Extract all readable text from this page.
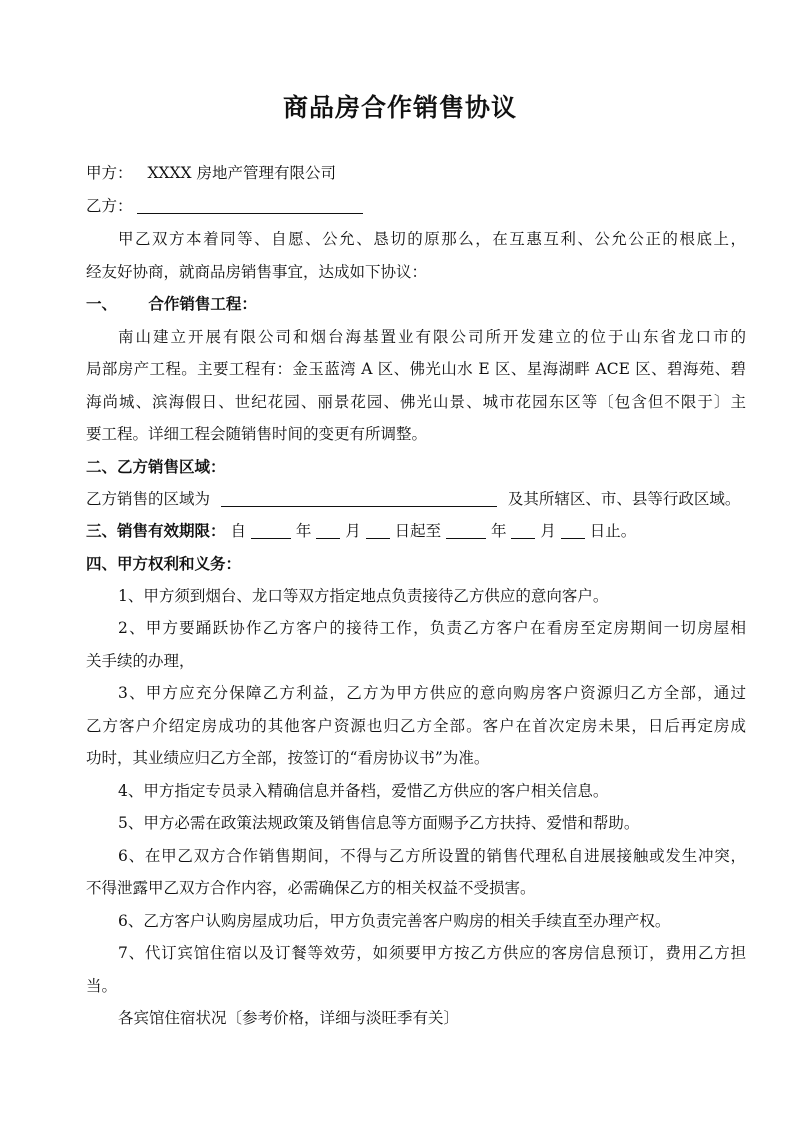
商品房合作销售协议
甲方： XXXX 房地产管理有限公司
乙方：
甲乙双方本着同等、自愿、公允、恳切的原那么，在互惠互利、公允公正的根底上，
经友好协商，就商品房销售事宜，达成如下协议：
一、 合作销售工程：
南山建立开展有限公司和烟台海基置业有限公司所开发建立的位于山东省龙口市的
局部房产工程。主要工程有：金玉蓝湾 A 区、佛光山水 E 区、星海湖畔 ACE 区、碧海苑、碧
海尚城、滨海假日、世纪花园、丽景花园、佛光山景、城市花园东区等〔包含但不限于〕主
要工程。详细工程会随销售时间的变更有所调整。
二、乙方销售区域：
乙方销售的区域为	及其所辖区、市、县等行政区域。
三、销售有效期限： 自	年 月 日起至	年 月 日止。
四、甲方权利和义务：
1、甲方须到烟台、龙口等双方指定地点负责接待乙方供应的意向客户。
2、甲方要踊跃协作乙方客户的接待工作，负责乙方客户在看房至定房期间一切房屋相
关手续的办理，
3、甲方应充分保障乙方利益，乙方为甲方供应的意向购房客户资源归乙方全部，通过
乙方客户介绍定房成功的其他客户资源也归乙方全部。客户在首次定房未果，日后再定房成
功时，其业绩应归乙方全部，按签订的“看房协议书”为准。
4、甲方指定专员录入精确信息并备档，爱惜乙方供应的客户相关信息。
5、甲方必需在政策法规政策及销售信息等方面赐予乙方扶持、爱惜和帮助。
6、在甲乙双方合作销售期间，不得与乙方所设置的销售代理私自进展接触或发生冲突，
不得泄露甲乙双方合作内容，必需确保乙方的相关权益不受损害。
6、乙方客户认购房屋成功后，甲方负责完善客户购房的相关手续直至办理产权。
7、代订宾馆住宿以及订餐等效劳，如须要甲方按乙方供应的客房信息预订，费用乙方担
当。
各宾馆住宿状况〔参考价格，详细与淡旺季有关〕
